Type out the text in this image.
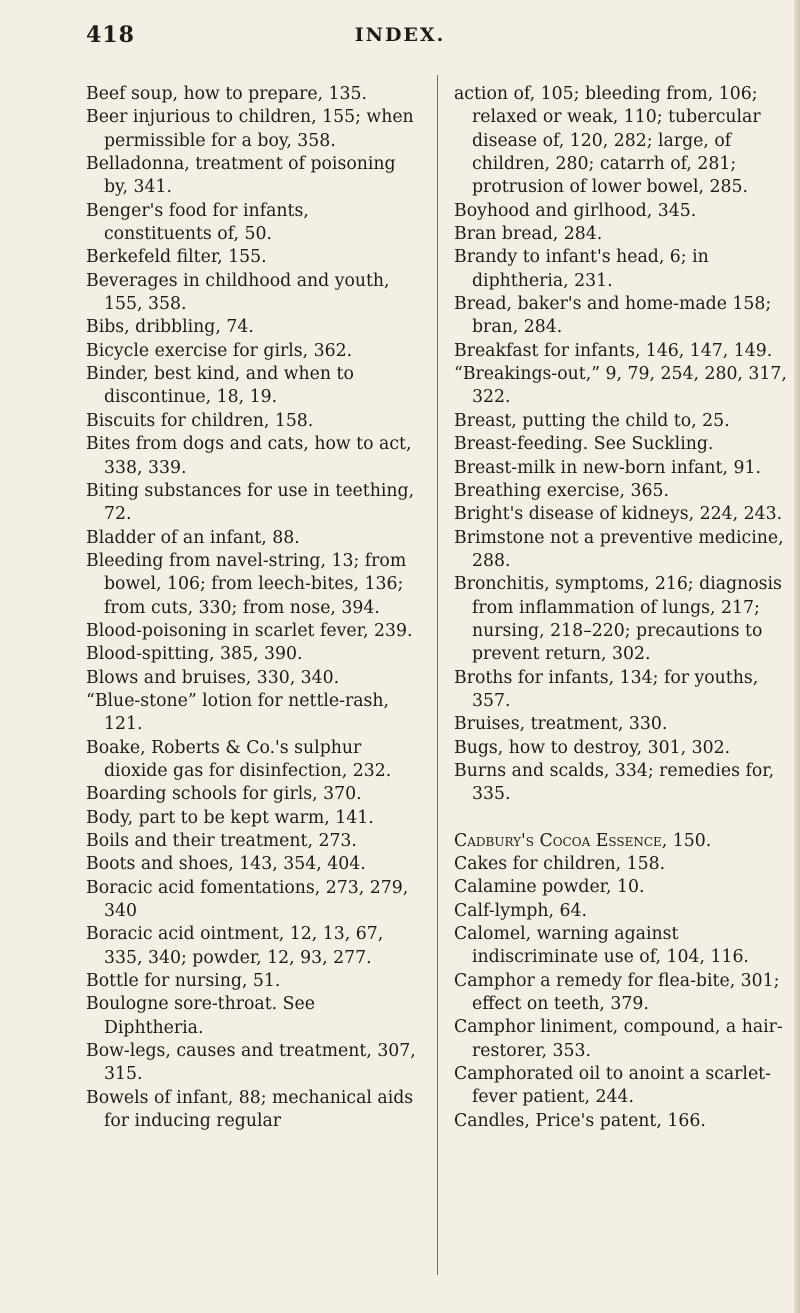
418	INDEX.

Beef soup, how to prepare, 135.

Beer injurious to children, 155; when permissible for a boy, 358.

Belladonna, treatment of poisoning by, 341.

Benger's food for infants, constituents of, 50.

Berkefeld filter, 155.

Beverages in childhood and youth, 155, 358.

Bibs, dribbling, 74.

Bicycle exercise for girls, 362.

Binder, best kind, and when to discontinue, 18, 19.

Biscuits for children, 158.

Bites from dogs and cats, how to act, 338, 339.

Biting substances for use in teething, 72.

Bladder of an infant, 88.

Bleeding from navel-string, 13; from bowel, 106; from leech-bites, 136; from cuts, 330; from nose, 394.

Blood-poisoning in scarlet fever, 239.

Blood-spitting, 385, 390.

Blows and bruises, 330, 340.

“Blue-stone” lotion for nettle-rash, 121.

Boake, Roberts & Co.'s sulphur dioxide gas for disinfection, 232.

Boarding schools for girls, 370.

Body, part to be kept warm, 141.

Boils and their treatment, 273.

Boots and shoes, 143, 354, 404.

Boracic acid fomentations, 273, 279, 340

Boracic acid ointment, 12, 13, 67, 335, 340; powder, 12, 93, 277.

Bottle for nursing, 51.

Boulogne sore-throat. See Diphtheria.

Bow-legs, causes and treatment, 307, 315.

Bowels of infant, 88; mechanical aids for inducing regular

action of, 105; bleeding from, 106; relaxed or weak, 110; tubercular disease of, 120, 282; large, of children, 280; catarrh of, 281; protrusion of lower bowel, 285.

Boyhood and girlhood, 345.

Bran bread, 284.

Brandy to infant's head, 6; in diphtheria, 231.

Bread, baker's and home-made 158; bran, 284.

Breakfast for infants, 146, 147, 149.

“Breakings-out,” 9, 79, 254, 280, 317, 322.

Breast, putting the child to, 25.

Breast-feeding. See Suckling.

Breast-milk in new-born infant, 91.

Breathing exercise, 365.

Bright's disease of kidneys, 224, 243.

Brimstone not a preventive medicine, 288.

Bronchitis, symptoms, 216; diagnosis from inflammation of lungs, 217; nursing, 218–220; precautions to prevent return, 302.

Broths for infants, 134; for youths, 357.

Bruises, treatment, 330.

Bugs, how to destroy, 301, 302.

Burns and scalds, 334; remedies for, 335.

Cadbury's Cocoa Essence, 150.

Cakes for children, 158.

Calamine powder, 10.

Calf-lymph, 64.

Calomel, warning against indiscriminate use of, 104, 116.

Camphor a remedy for flea-bite, 301; effect on teeth, 379.

Camphor liniment, compound, a hair-restorer, 353.

Camphorated oil to anoint a scarlet-fever patient, 244.

Candles, Price's patent, 166.
